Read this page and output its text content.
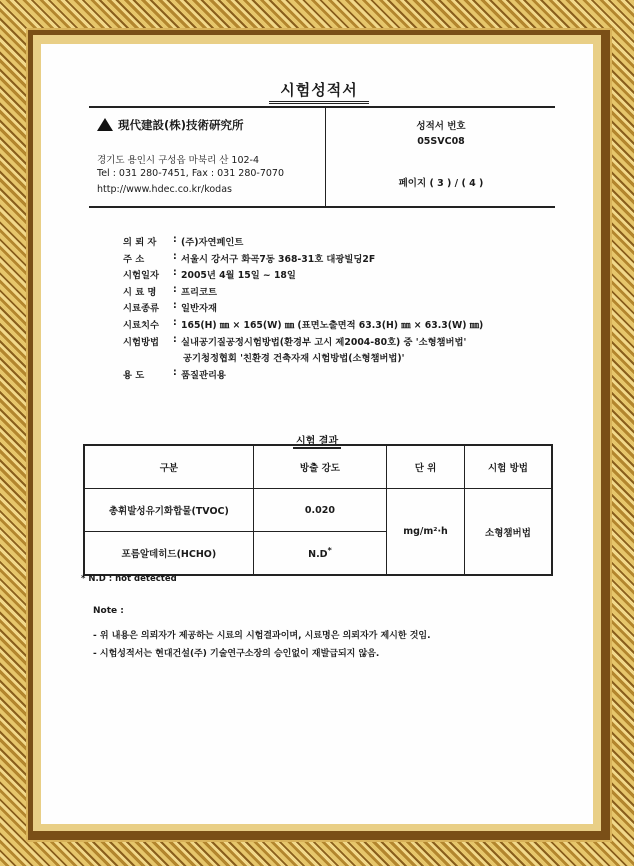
시험성적서
現代建設(株)技術硏究所
경기도 용인시 구성읍 마북리 산 102-4
Tel : 031 280-7451, Fax : 031 280-7070
http://www.hdec.co.kr/kodas
성적서 번호
05SVC08
페이지 ( 3 ) / ( 4 )
의 뢰 자	: (주)자연페인트
주 소	: 서울시 강서구 화곡7동 368-31호 대광빌딩2F
시험일자	: 2005년 4월 15일 ~ 18일
시 료 명	: 프리코트
시료종류	: 일반자재
시료치수	: 165(H) ㎜ × 165(W) ㎜ (표면노출면적 63.3(H) ㎜ × 63.3(W) ㎜)
시험방법	: 실내공기질공정시험방법(환경부 고시 제2004-80호) 중 '소형챔버법'
공기청정협회 '친환경 건축자재 시험방법(소형챔버법)'
용 도	: 품질관리용
시험 결과
구분	방출 강도	단 위	시험 방법
총휘발성유기화합물(TVOC)	0.020	mg/m²·h	소형챔버법
포름알데히드(HCHO)	N.D*
* N.D : not detected
Note :
- 위 내용은 의뢰자가 제공하는 시료의 시험결과이며, 시료명은 의뢰자가 제시한 것임.
- 시험성적서는 현대건설(주) 기술연구소장의 승인없이 재발급되지 않음.
